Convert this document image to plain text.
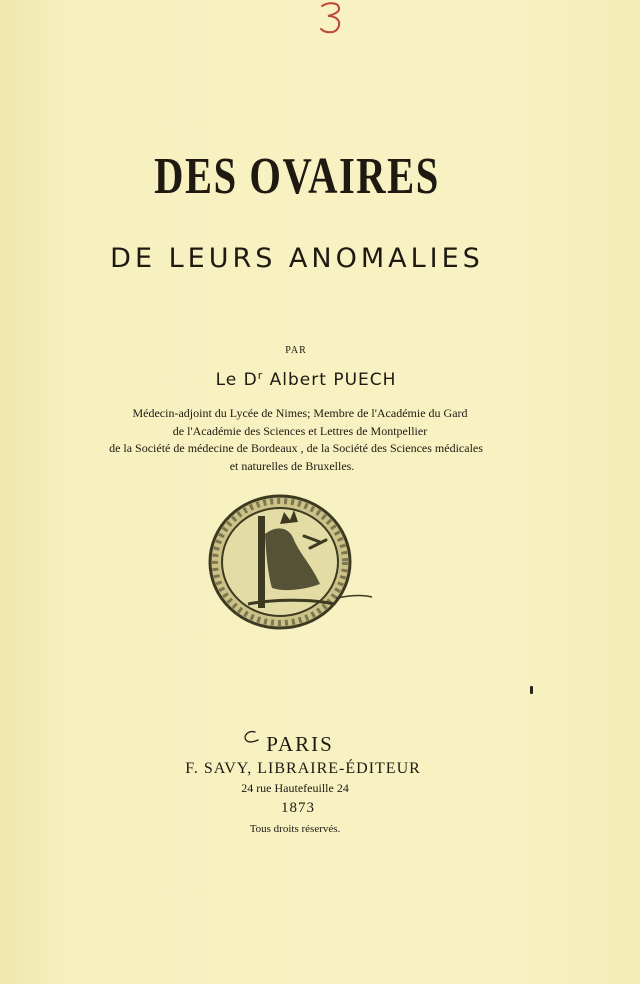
DES OVAIRES
DE LEURS ANOMALIES
PAR
Le $D^r$ Albert PUECH
Médecin-adjoint du Lycée de Nimes; Membre de l'Académie du Gard
de l'Académie des Sciences et Lettres de Montpellier
de la Société de médecine de Bordeaux , de la Société des Sciences médicales
et naturelles de Bruxelles.
PARIS
F. SAVY, LIBRAIRE-ÉDITEUR
24 rue Hautefeuille 24
1873
Tous droits réservés.
